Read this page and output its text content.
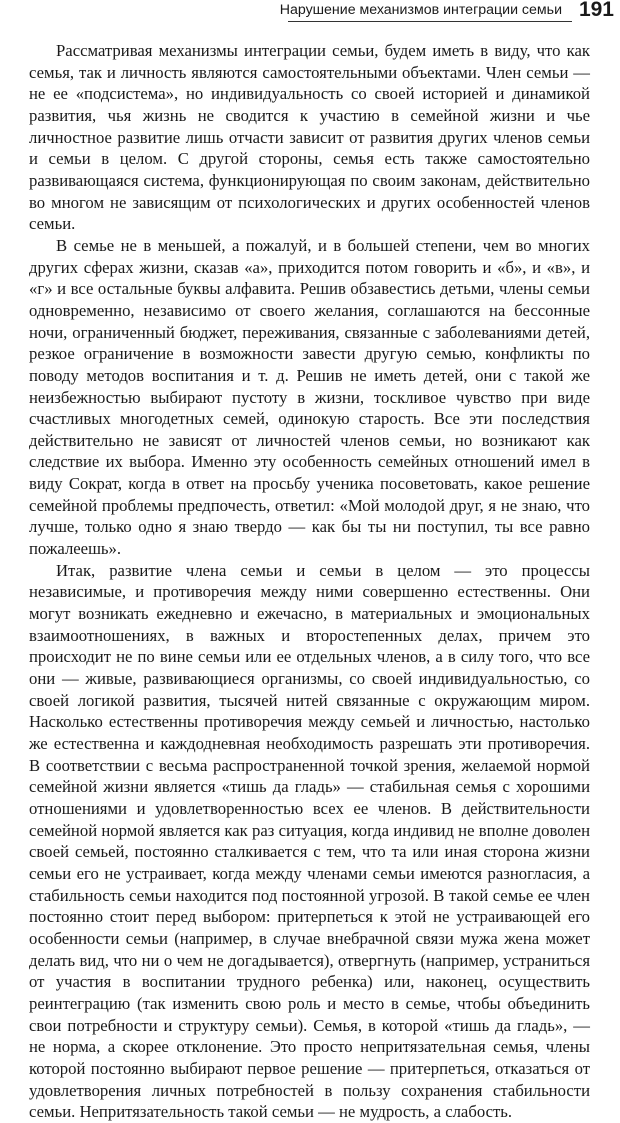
Нарушение механизмов интеграции семьи 191

Рассматривая механизмы интеграции семьи, будем иметь в виду, что как семья, так и личность являются самостоятельными объектами. Член семьи — не ее «подсистема», но индивидуальность со своей историей и динамикой развития, чья жизнь не сводится к участию в семейной жизни и чье личностное развитие лишь отчасти зависит от развития других членов семьи и семьи в целом. С другой стороны, семья есть также самостоятельно развивающаяся система, функционирующая по своим законам, действительно во многом не зависящим от психологических и других особенностей членов семьи.

В семье не в меньшей, а пожалуй, и в большей степени, чем во многих других сферах жизни, сказав «а», приходится потом говорить и «б», и «в», и «г» и все остальные буквы алфавита. Решив обзавестись детьми, члены семьи одновременно, независимо от своего желания, соглашаются на бессонные ночи, ограниченный бюджет, переживания, связанные с заболеваниями детей, резкое ограничение в возможности завести другую семью, конфликты по поводу методов воспитания и т. д. Решив не иметь детей, они с такой же неизбежностью выбирают пустоту в жизни, тоскливое чувство при виде счастливых многодетных семей, одинокую старость. Все эти последствия действительно не зависят от личностей членов семьи, но возникают как следствие их выбора. Именно эту особенность семейных отношений имел в виду Сократ, когда в ответ на просьбу ученика посоветовать, какое решение семейной проблемы предпочесть, ответил: «Мой молодой друг, я не знаю, что лучше, только одно я знаю твердо — как бы ты ни поступил, ты все равно пожалеешь».

Итак, развитие члена семьи и семьи в целом — это процессы независимые, и противоречия между ними совершенно естественны. Они могут возникать ежедневно и ежечасно, в материальных и эмоциональных взаимоотношениях, в важных и второстепенных делах, причем это происходит не по вине семьи или ее отдельных членов, а в силу того, что все они — живые, развивающиеся организмы, со своей индивидуальностью, со своей логикой развития, тысячей нитей связанные с окружающим миром. Насколько естественны противоречия между семьей и личностью, настолько же естественна и каждодневная необходимость разрешать эти противоречия. В соответствии с весьма распространенной точкой зрения, желаемой нормой семейной жизни является «тишь да гладь» — стабильная семья с хорошими отношениями и удовлетворенностью всех ее членов. В действительности семейной нормой является как раз ситуация, когда индивид не вполне доволен своей семьей, постоянно сталкивается с тем, что та или иная сторона жизни семьи его не устраивает, когда между членами семьи имеются разногласия, а стабильность семьи находится под постоянной угрозой. В такой семье ее член постоянно стоит перед выбором: притерпеться к этой не устраивающей его особенности семьи (например, в случае внебрачной связи мужа жена может делать вид, что ни о чем не догадывается), отвергнуть (например, устраниться от участия в воспитании трудного ребенка) или, наконец, осуществить реинтеграцию (так изменить свою роль и место в семье, чтобы объединить свои потребности и структуру семьи). Семья, в которой «тишь да гладь», — не норма, а скорее отклонение. Это просто непритязательная семья, члены которой постоянно выбирают первое решение — притерпеться, отказаться от удовлетворения личных потребностей в пользу сохранения стабильности семьи. Непритязательность такой семьи — не мудрость, а слабость.
